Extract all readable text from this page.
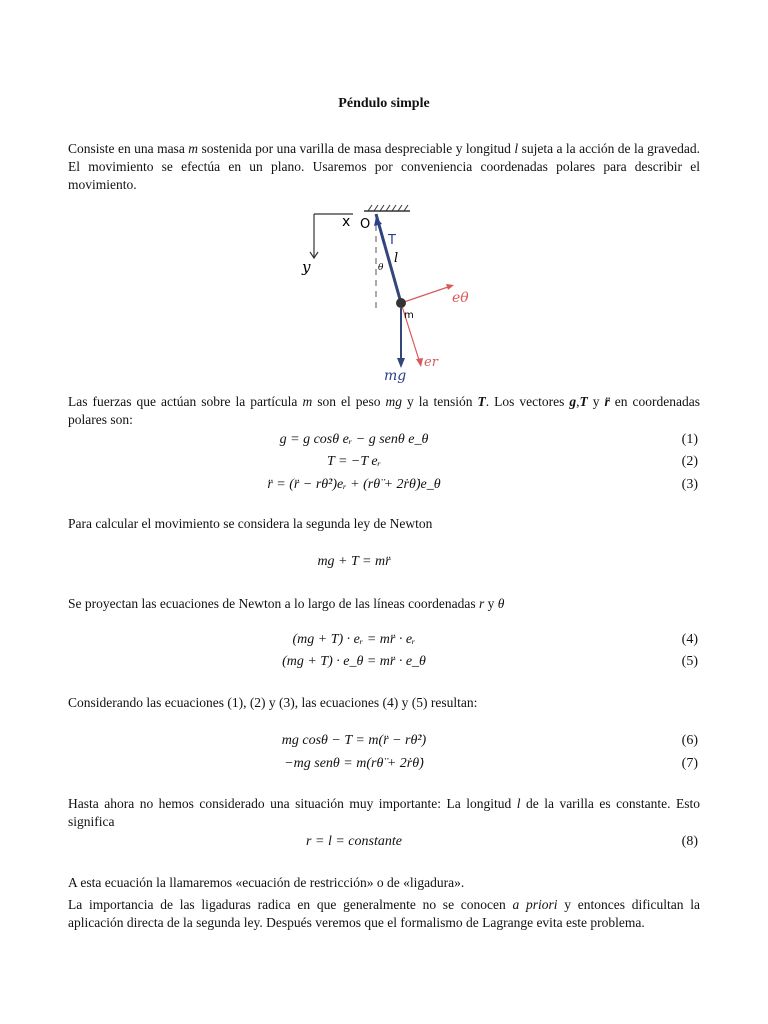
Péndulo simple
Consiste en una masa m sostenida por una varilla de masa despreciable y longitud l sujeta a la acción de la gravedad. El movimiento se efectúa en un plano. Usaremos por conveniencia coordenadas polares para describir el movimiento.
x
y
O
T
l
θ
eθ
er
m
mg
Las fuerzas que actúan sobre la partícula m son el peso mg y la tensión T. Los vectores g,T y r̈ en coordenadas polares son:
g = g cosθ eᵣ − g senθ e_θ	(1)
T = −T eᵣ	(2)
r̈ = (r̈ − rθ̇²)eᵣ + (rθ̈ + 2ṙθ̇)e_θ	(3)
Para calcular el movimiento se considera la segunda ley de Newton
mg + T = mr̈
Se proyectan las ecuaciones de Newton a lo largo de las líneas coordenadas r y θ
(mg + T) · eᵣ = mr̈ · eᵣ	(4)
(mg + T) · e_θ = mr̈ · e_θ	(5)
Considerando las ecuaciones (1), (2) y (3), las ecuaciones (4) y (5) resultan:
mg cosθ − T = m(r̈ − rθ̇²)	(6)
−mg senθ = m(rθ̈ + 2ṙθ̇)	(7)
Hasta ahora no hemos considerado una situación muy importante: La longitud l de la varilla es constante. Esto significa
r = l = constante	(8)
A esta ecuación la llamaremos «ecuación de restricción» o de «ligadura».
La importancia de las ligaduras radica en que generalmente no se conocen a priori y entonces dificultan la aplicación directa de la segunda ley. Después veremos que el formalismo de Lagrange evita este problema.
